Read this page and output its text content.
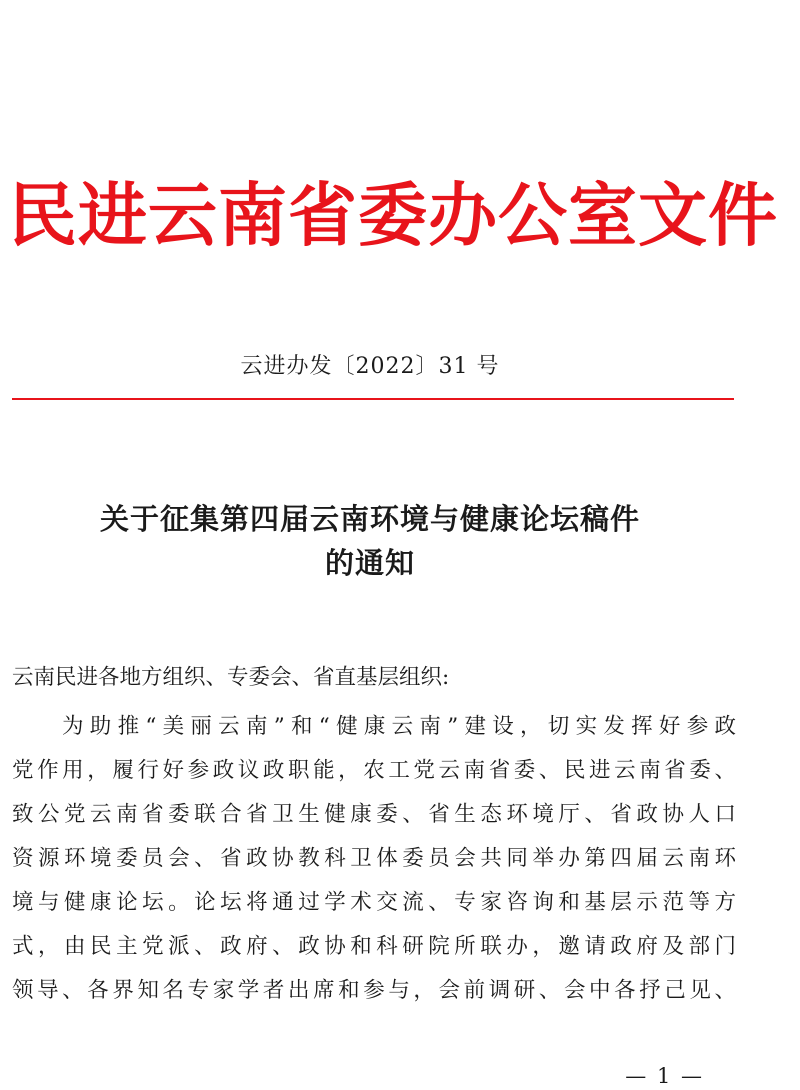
民进云南省委办公室文件
云进办发〔2022〕31 号
关于征集第四届云南环境与健康论坛稿件
的通知
云南民进各地方组织、专委会、省直基层组织:
为助推“美丽云南”和“健康云南”建设，切实发挥好参政
党作用，履行好参政议政职能，农工党云南省委、民进云南省委、
致公党云南省委联合省卫生健康委、省生态环境厅、省政协人口
资源环境委员会、省政协教科卫体委员会共同举办第四届云南环
境与健康论坛。论坛将通过学术交流、专家咨询和基层示范等方
式，由民主党派、政府、政协和科研院所联办，邀请政府及部门
领导、各界知名专家学者出席和参与，会前调研、会中各抒己见、
— 1 —
